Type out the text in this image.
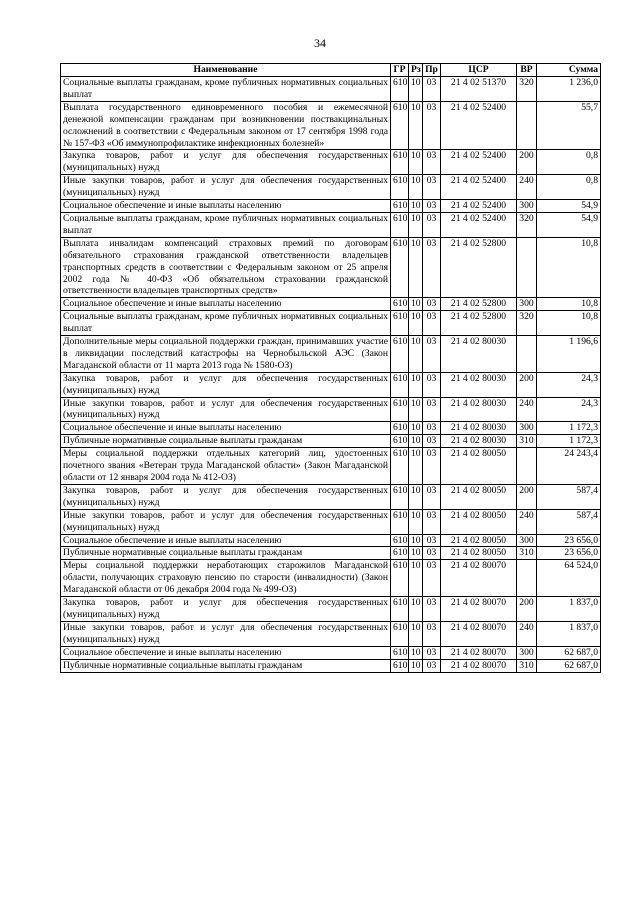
34
Наименование	ГР	Рз	Пр	ЦСР	ВР	Сумма
Социальные выплаты гражданам, кроме публичных нормативных социальных выплат	610	10	03	21 4 02 51370	320	1 236,0
Выплата государственного единовременного пособия и ежемесячной денежной компенсации гражданам при возникновении поствакцинальных осложнений в соответствии с Федеральным законом от 17 сентября 1998 года № 157-ФЗ «Об иммунопрофилактике инфекционных болезней»	610	10	03	21 4 02 52400		55,7
Закупка товаров, работ и услуг для обеспечения государственных (муниципальных) нужд	610	10	03	21 4 02 52400	200	0,8
Иные закупки товаров, работ и услуг для обеспечения государственных (муниципальных) нужд	610	10	03	21 4 02 52400	240	0,8
Социальное обеспечение и иные выплаты населению	610	10	03	21 4 02 52400	300	54,9
Социальные выплаты гражданам, кроме публичных нормативных социальных выплат	610	10	03	21 4 02 52400	320	54,9
Выплата инвалидам компенсаций страховых премий по договорам обязательного страхования гражданской ответственности владельцев транспортных средств в соответствии с Федеральным законом от 25 апреля 2002 года № 40-ФЗ «Об обязательном страховании гражданской ответственности владельцев транспортных средств»	610	10	03	21 4 02 52800		10,8
Социальное обеспечение и иные выплаты населению	610	10	03	21 4 02 52800	300	10,8
Социальные выплаты гражданам, кроме публичных нормативных социальных выплат	610	10	03	21 4 02 52800	320	10,8
Дополнительные меры социальной поддержки граждан, принимавших участие в ликвидации последствий катастрофы на Чернобыльской АЭС (Закон Магаданской области от 11 марта 2013 года № 1580-ОЗ)	610	10	03	21 4 02 80030		1 196,6
Закупка товаров, работ и услуг для обеспечения государственных (муниципальных) нужд	610	10	03	21 4 02 80030	200	24,3
Иные закупки товаров, работ и услуг для обеспечения государственных (муниципальных) нужд	610	10	03	21 4 02 80030	240	24,3
Социальное обеспечение и иные выплаты населению	610	10	03	21 4 02 80030	300	1 172,3
Публичные нормативные социальные выплаты гражданам	610	10	03	21 4 02 80030	310	1 172,3
Меры социальной поддержки отдельных категорий лиц, удостоенных почетного звания «Ветеран труда Магаданской области» (Закон Магаданской области от 12 января 2004 года № 412-ОЗ)	610	10	03	21 4 02 80050		24 243,4
Закупка товаров, работ и услуг для обеспечения государственных (муниципальных) нужд	610	10	03	21 4 02 80050	200	587,4
Иные закупки товаров, работ и услуг для обеспечения государственных (муниципальных) нужд	610	10	03	21 4 02 80050	240	587,4
Социальное обеспечение и иные выплаты населению	610	10	03	21 4 02 80050	300	23 656,0
Публичные нормативные социальные выплаты гражданам	610	10	03	21 4 02 80050	310	23 656,0
Меры социальной поддержки неработающих старожилов Магаданской области, получающих страховую пенсию по старости (инвалидности) (Закон Магаданской области от 06 декабря 2004 года № 499-ОЗ)	610	10	03	21 4 02 80070		64 524,0
Закупка товаров, работ и услуг для обеспечения государственных (муниципальных) нужд	610	10	03	21 4 02 80070	200	1 837,0
Иные закупки товаров, работ и услуг для обеспечения государственных (муниципальных) нужд	610	10	03	21 4 02 80070	240	1 837,0
Социальное обеспечение и иные выплаты населению	610	10	03	21 4 02 80070	300	62 687,0
Публичные нормативные социальные выплаты гражданам	610	10	03	21 4 02 80070	310	62 687,0
